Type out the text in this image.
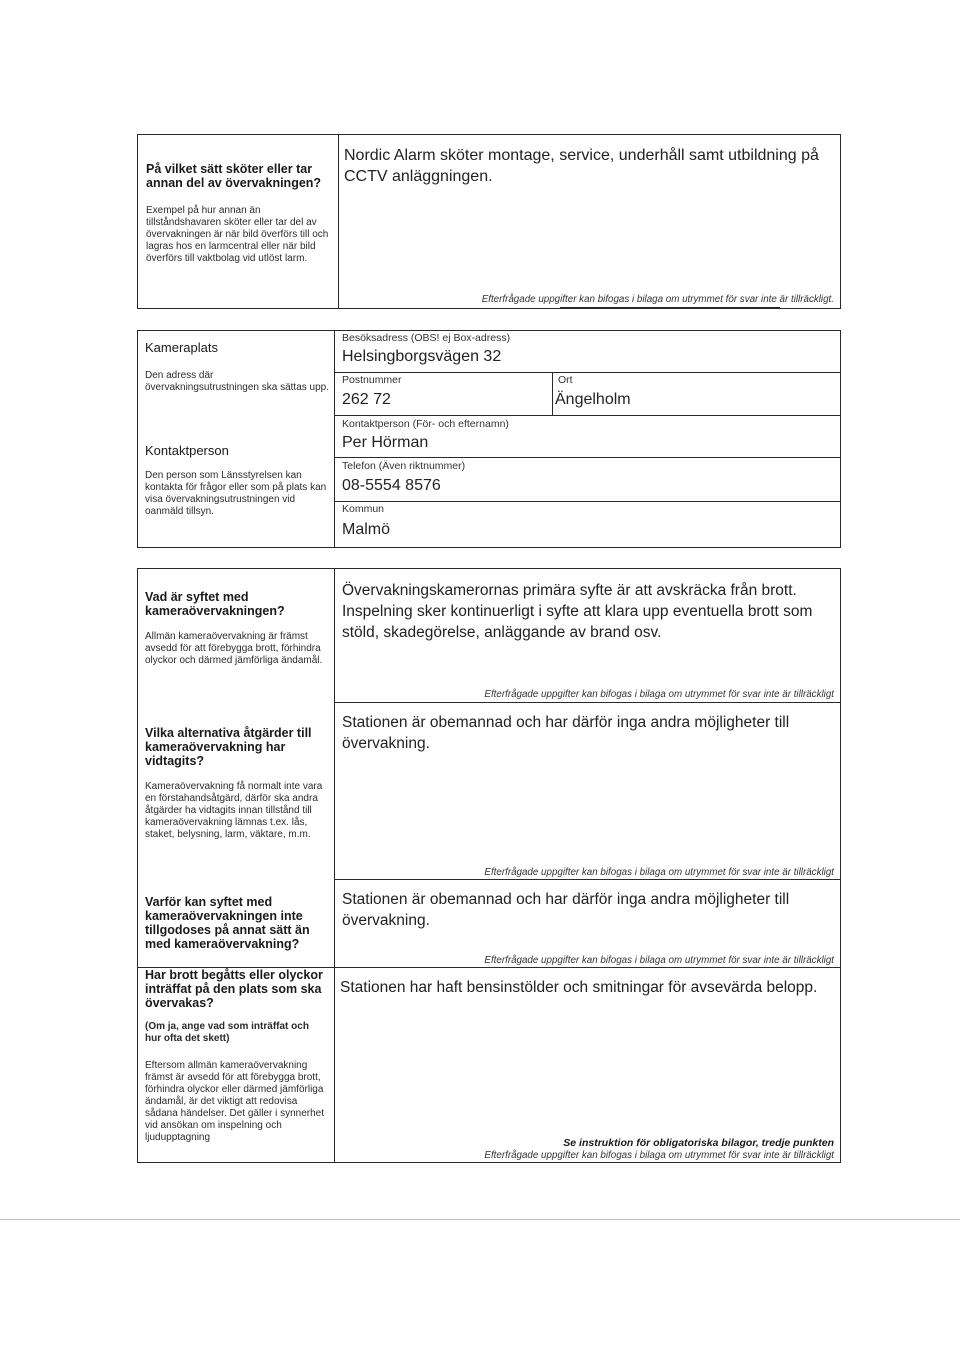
På vilket sätt sköter eller tar annan del av övervakningen?
Exempel på hur annan än tillståndshavaren sköter eller tar del av övervakningen är när bild överförs till och lagras hos en larmcentral eller när bild överförs till vaktbolag vid utlöst larm.
Nordic Alarm sköter montage, service, underhåll samt utbildning på CCTV anläggningen.
Efterfrågade uppgifter kan bifogas i bilaga om utrymmet för svar inte är tillräckligt.
Kameraplats
Den adress där övervakningsutrustningen ska sättas upp.
Kontaktperson
Den person som Länsstyrelsen kan kontakta för frågor eller som på plats kan visa övervakningsutrustningen vid oanmäld tillsyn.
Besöksadress (OBS! ej Box-adress)
Helsingborgsvägen 32
Postnummer
262 72
Ort
Ängelholm
Kontaktperson (För- och efternamn)
Per Hörman
Telefon (Även riktnummer)
08-5554 8576
Kommun
Malmö
Vad är syftet med kameraövervakningen?
Allmän kameraövervakning är främst avsedd för att förebygga brott, förhindra olyckor och därmed jämförliga ändamål.
Övervakningskamerornas primära syfte är att avskräcka från brott. Inspelning sker kontinuerligt i syfte att klara upp eventuella brott som stöld, skadegörelse, anläggande av brand osv.
Efterfrågade uppgifter kan bifogas i bilaga om utrymmet för svar inte är tillräckligt
Vilka alternativa åtgärder till kameraövervakning har vidtagits?
Kameraövervakning få normalt inte vara en förstahandsåtgärd, därför ska andra åtgärder ha vidtagits innan tillstånd till kameraövervakning lämnas t.ex. lås, staket, belysning, larm, väktare, m.m.
Stationen är obemannad och har därför inga andra möjligheter till övervakning.
Efterfrågade uppgifter kan bifogas i bilaga om utrymmet för svar inte är tillräckligt
Varför kan syftet med kameraövervakningen inte tillgodoses på annat sätt än med kameraövervakning?
Stationen är obemannad och har därför inga andra möjligheter till övervakning.
Efterfrågade uppgifter kan bifogas i bilaga om utrymmet för svar inte är tillräckligt
Har brott begåtts eller olyckor inträffat på den plats som ska övervakas?
(Om ja, ange vad som inträffat och hur ofta det skett)
Eftersom allmän kameraövervakning främst är avsedd för att förebygga brott, förhindra olyckor eller därmed jämförliga ändamål, är det viktigt att redovisa sådana händelser. Det gäller i synnerhet vid ansökan om inspelning och ljudupptagning
Stationen har haft bensinstölder och smitningar för avsevärda belopp.
Se instruktion för obligatoriska bilagor, tredje punkten
Efterfrågade uppgifter kan bifogas i bilaga om utrymmet för svar inte är tillräckligt
